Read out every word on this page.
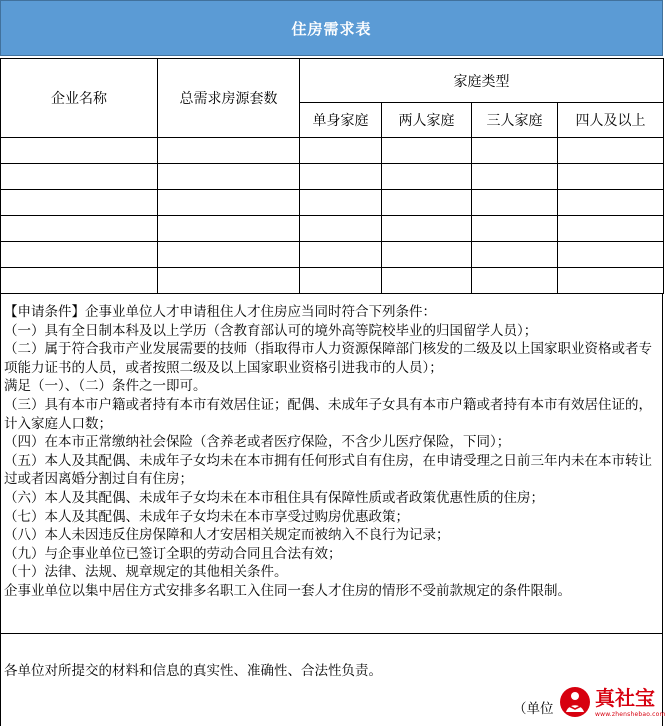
住房需求表
企业名称	总需求房源套数	家庭类型			
		单身家庭	两人家庭	三人家庭	四人及以上

【申请条件】企事业单位人才申请租住人才住房应当同时符合下列条件：

（一）具有全日制本科及以上学历（含教育部认可的境外高等院校毕业的归国留学人员）；

（二）属于符合我市产业发展需要的技师（指取得市人力资源保障部门核发的二级及以上国家职业资格或者专项能力证书的人员，或者按照二级及以上国家职业资格引进我市的人员）；

满足（一）、（二）条件之一即可。

（三）具有本市户籍或者持有本市有效居住证；配偶、未成年子女具有本市户籍或者持有本市有效居住证的，计入家庭人口数；

（四）在本市正常缴纳社会保险（含养老或者医疗保险，不含少儿医疗保险，下同）；

（五）本人及其配偶、未成年子女均未在本市拥有任何形式自有住房，在申请受理之日前三年内未在本市转让过或者因离婚分割过自有住房；

（六）本人及其配偶、未成年子女均未在本市租住具有保障性质或者政策优惠性质的住房；

（七）本人及其配偶、未成年子女均未在本市享受过购房优惠政策；

（八）本人未因违反住房保障和人才安居相关规定而被纳入不良行为记录；

（九）与企事业单位已签订全职的劳动合同且合法有效；

（十）法律、法规、规章规定的其他相关条件。

企事业单位以集中居住方式安排多名职工入住同一套人才住房的情形不受前款规定的条件限制。

各单位对所提交的材料和信息的真实性、准确性、合法性负责。
（单位 真社宝
www.zhenshebao.com
